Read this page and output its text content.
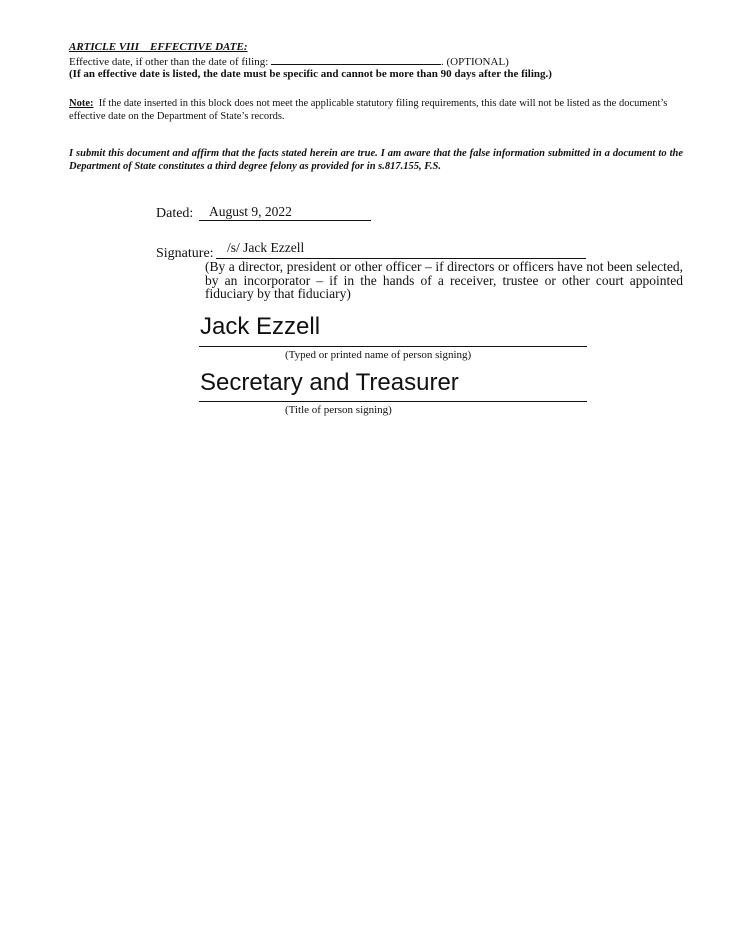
ARTICLE VIII    EFFECTIVE DATE:
Effective date, if other than the date of filing:	. (OPTIONAL)
(If an effective date is listed, the date must be specific and cannot be more than 90 days after the filing.)
Note: If the date inserted in this block does not meet the applicable statutory filing requirements, this date will not be listed as the document’s effective date on the Department of State’s records.
I submit this document and affirm that the facts stated herein are true. I am aware that the false information submitted in a document to the Department of State constitutes a third degree felony as provided for in s.817.155, F.S.
Dated: August 9, 2022
Signature: /s/ Jack Ezzell
(By a director, president or other officer – if directors or officers have not been selected, by an incorporator – if in the hands of a receiver, trustee or other court appointed fiduciary by that fiduciary)
Jack Ezzell
(Typed or printed name of person signing)
Secretary and Treasurer
(Title of person signing)
